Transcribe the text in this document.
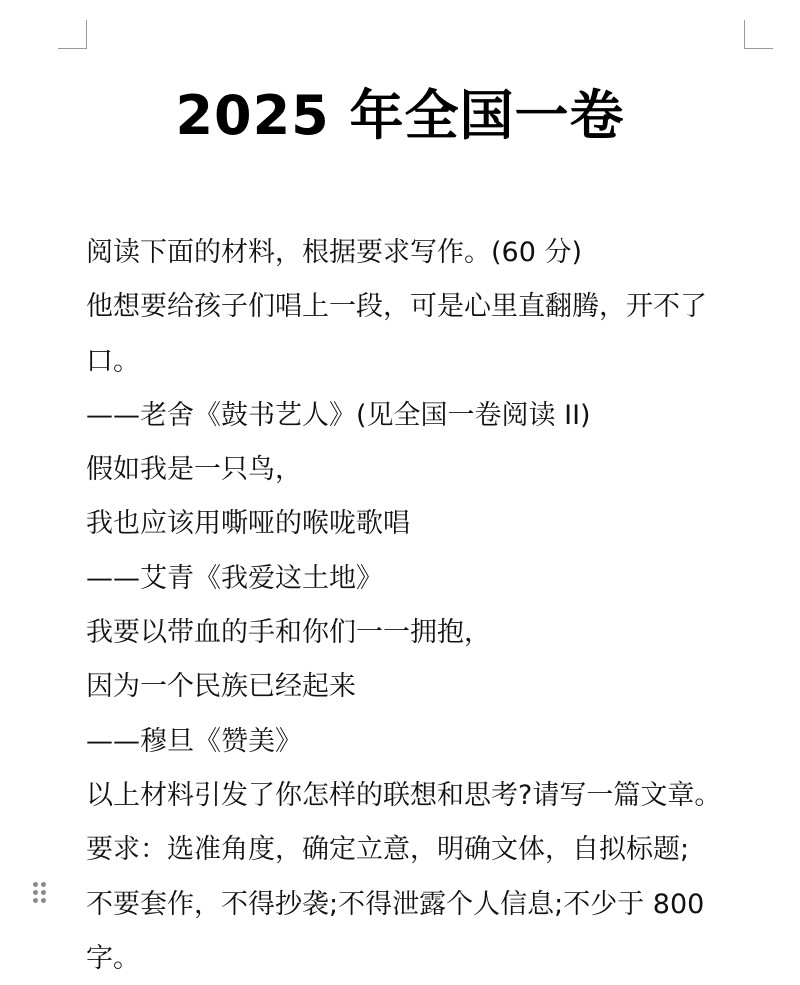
2025 年全国一卷
阅读下面的材料，根据要求写作。(60 分)
他想要给孩子们唱上一段，可是心里直翻腾，开不了
口。
——老舍《鼓书艺人》(见全国一卷阅读 II)
假如我是一只鸟，
我也应该用嘶哑的喉咙歌唱
——艾青《我爱这土地》
我要以带血的手和你们一一拥抱，
因为一个民族已经起来
——穆旦《赞美》
以上材料引发了你怎样的联想和思考?请写一篇文章。
要求：选准角度，确定立意，明确文体，自拟标题;
不要套作，不得抄袭;不得泄露个人信息;不少于 800
字。
